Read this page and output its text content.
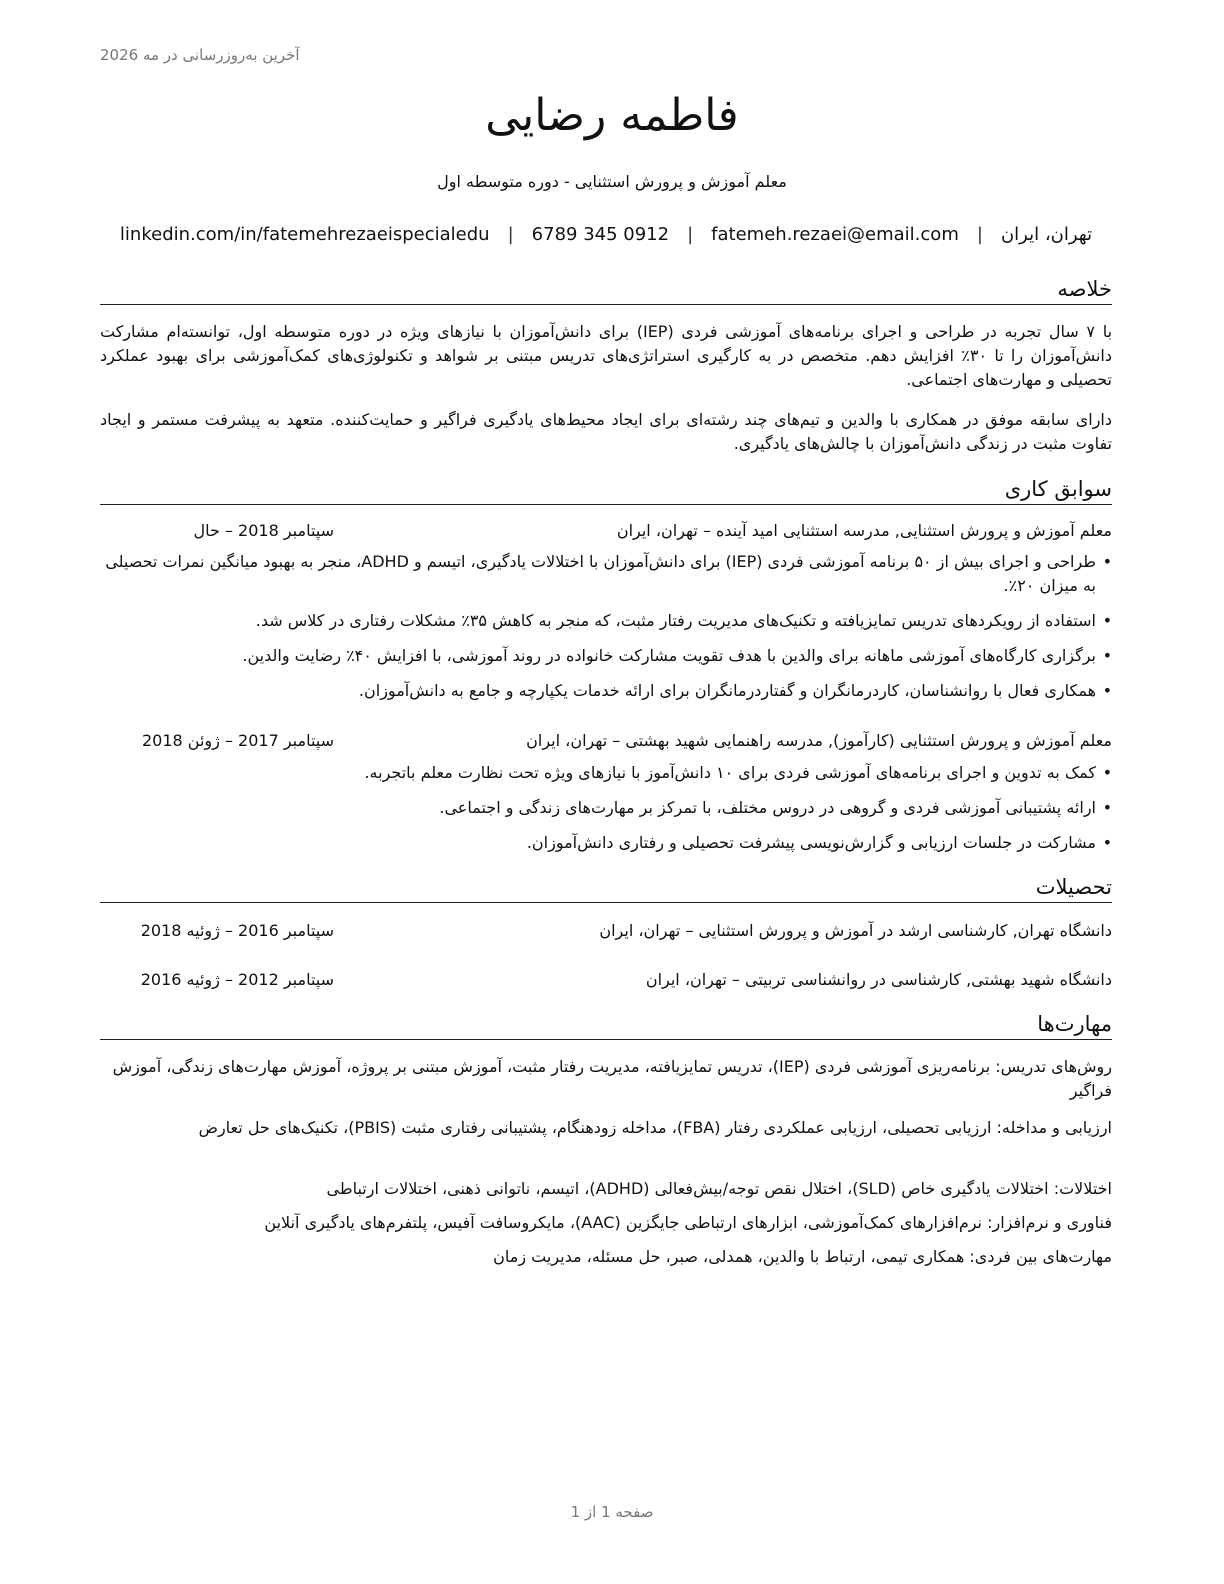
آخرین به‌روزرسانی در مه 2026
فاطمه رضایی
معلم آموزش و پرورش استثنایی - دوره متوسطه اول
تهران، ایران
|
fatemeh.rezaei@email.com
|
6789 345 0912
|
linkedin.com/in/fatemehrezaeispecialedu
خلاصه

با ۷ سال تجربه در طراحی و اجرای برنامه‌های آموزشی فردی (IEP) برای دانش‌آموزان با نیازهای ویژه در دوره متوسطه اول، توانسته‌ام مشارکت دانش‌آموزان را تا ۳۰٪ افزایش دهم. متخصص در به کارگیری استراتژی‌های تدریس مبتنی بر شواهد و تکنولوژی‌های کمک‌آموزشی برای بهبود عملکرد تحصیلی و مهارت‌های اجتماعی.

دارای سابقه موفق در همکاری با والدین و تیم‌های چند رشته‌ای برای ایجاد محیط‌های یادگیری فراگیر و حمایت‌کننده. متعهد به پیشرفت مستمر و ایجاد تفاوت مثبت در زندگی دانش‌آموزان با چالش‌های یادگیری.

سوابق کاری
معلم آموزش و پرورش استثنایی, مدرسه استثنایی امید آینده – تهران، ایران
سپتامبر 2018 – حال
• طراحی و اجرای بیش از ۵۰ برنامه آموزشی فردی (IEP) برای دانش‌آموزان با اختلالات یادگیری، اتیسم و ADHD، منجر به بهبود میانگین نمرات تحصیلی به میزان ۲۰٪.
• استفاده از رویکردهای تدریس تمایزیافته و تکنیک‌های مدیریت رفتار مثبت، که منجر به کاهش ۳۵٪ مشکلات رفتاری در کلاس شد.
• برگزاری کارگاه‌های آموزشی ماهانه برای والدین با هدف تقویت مشارکت خانواده در روند آموزشی، با افزایش ۴۰٪ رضایت والدین.
• همکاری فعال با روانشناسان، کاردرمانگران و گفتاردرمانگران برای ارائه خدمات یکپارچه و جامع به دانش‌آموزان.
معلم آموزش و پرورش استثنایی (کارآموز), مدرسه راهنمایی شهید بهشتی – تهران، ایران
سپتامبر 2017 – ژوئن 2018
• کمک به تدوین و اجرای برنامه‌های آموزشی فردی برای ۱۰ دانش‌آموز با نیازهای ویژه تحت نظارت معلم باتجربه.
• ارائه پشتیبانی آموزشی فردی و گروهی در دروس مختلف، با تمرکز بر مهارت‌های زندگی و اجتماعی.
• مشارکت در جلسات ارزیابی و گزارش‌نویسی پیشرفت تحصیلی و رفتاری دانش‌آموزان.
تحصیلات
دانشگاه تهران, کارشناسی ارشد در آموزش و پرورش استثنایی – تهران، ایران
سپتامبر 2016 – ژوئیه 2018
دانشگاه شهید بهشتی, کارشناسی در روانشناسی تربیتی – تهران، ایران
سپتامبر 2012 – ژوئیه 2016
مهارت‌ها

روش‌های تدریس: برنامه‌ریزی آموزشی فردی (IEP)، تدریس تمایزیافته، مدیریت رفتار مثبت، آموزش مبتنی بر پروژه، آموزش مهارت‌های زندگی، آموزش فراگیر

ارزیابی و مداخله: ارزیابی تحصیلی، ارزیابی عملکردی رفتار (FBA)، مداخله زودهنگام، پشتیبانی رفتاری مثبت (PBIS)، تکنیک‌های حل تعارض

اختلالات: اختلالات یادگیری خاص (SLD)، اختلال نقص توجه/بیش‌فعالی (ADHD)، اتیسم، ناتوانی ذهنی، اختلالات ارتباطی

فناوری و نرم‌افزار: نرم‌افزارهای کمک‌آموزشی، ابزارهای ارتباطی جایگزین (AAC)، مایکروسافت آفیس، پلتفرم‌های یادگیری آنلاین

مهارت‌های بین فردی: همکاری تیمی، ارتباط با والدین، همدلی، صبر، حل مسئله، مدیریت زمان

صفحه 1 از 1
